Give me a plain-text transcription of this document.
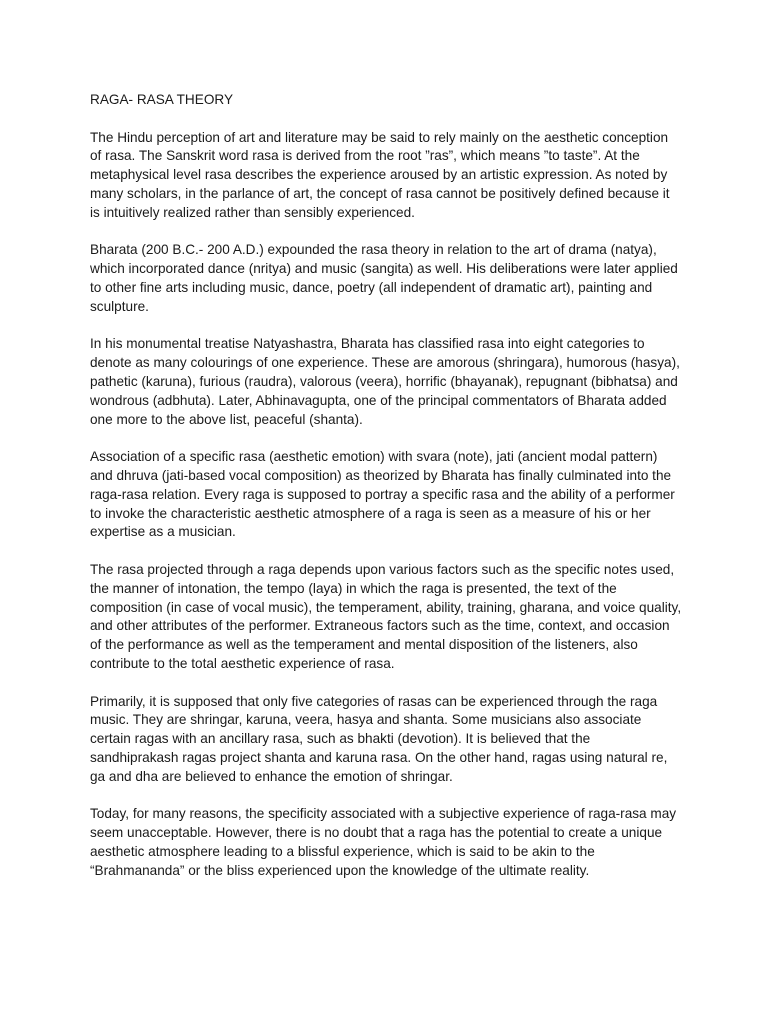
RAGA- RASA THEORY

The Hindu perception of art and literature may be said to rely mainly on the aesthetic conception of rasa. The Sanskrit word rasa is derived from the root ”ras”, which means ”to taste”. At the metaphysical level rasa describes the experience aroused by an artistic expression. As noted by many scholars, in the parlance of art, the concept of rasa cannot be positively defined because it is intuitively realized rather than sensibly experienced.

Bharata (200 B.C.- 200 A.D.) expounded the rasa theory in relation to the art of drama (natya), which incorporated dance (nritya) and music (sangita) as well. His deliberations were later applied to other fine arts including music, dance, poetry (all independent of dramatic art), painting and sculpture.

In his monumental treatise Natyashastra, Bharata has classified rasa into eight categories to denote as many colourings of one experience. These are amorous (shringara), humorous (hasya), pathetic (karuna), furious (raudra), valorous (veera), horrific (bhayanak), repugnant (bibhatsa) and wondrous (adbhuta). Later, Abhinavagupta, one of the principal commentators of Bharata added one more to the above list, peaceful (shanta).

Association of a specific rasa (aesthetic emotion) with svara (note), jati (ancient modal pattern) and dhruva (jati-based vocal composition) as theorized by Bharata has finally culminated into the raga-rasa relation. Every raga is supposed to portray a specific rasa and the ability of a performer to invoke the characteristic aesthetic atmosphere of a raga is seen as a measure of his or her expertise as a musician.

The rasa projected through a raga depends upon various factors such as the specific notes used, the manner of intonation, the tempo (laya) in which the raga is presented, the text of the composition (in case of vocal music), the temperament, ability, training, gharana, and voice quality, and other attributes of the performer. Extraneous factors such as the time, context, and occasion of the performance as well as the temperament and mental disposition of the listeners, also contribute to the total aesthetic experience of rasa.

Primarily, it is supposed that only five categories of rasas can be experienced through the raga music. They are shringar, karuna, veera, hasya and shanta. Some musicians also associate certain ragas with an ancillary rasa, such as bhakti (devotion). It is believed that the sandhiprakash ragas project shanta and karuna rasa. On the other hand, ragas using natural re, ga and dha are believed to enhance the emotion of shringar.

Today, for many reasons, the specificity associated with a subjective experience of raga-rasa may seem unacceptable. However, there is no doubt that a raga has the potential to create a unique aesthetic atmosphere leading to a blissful experience, which is said to be akin to the “Brahmananda” or the bliss experienced upon the knowledge of the ultimate reality.
